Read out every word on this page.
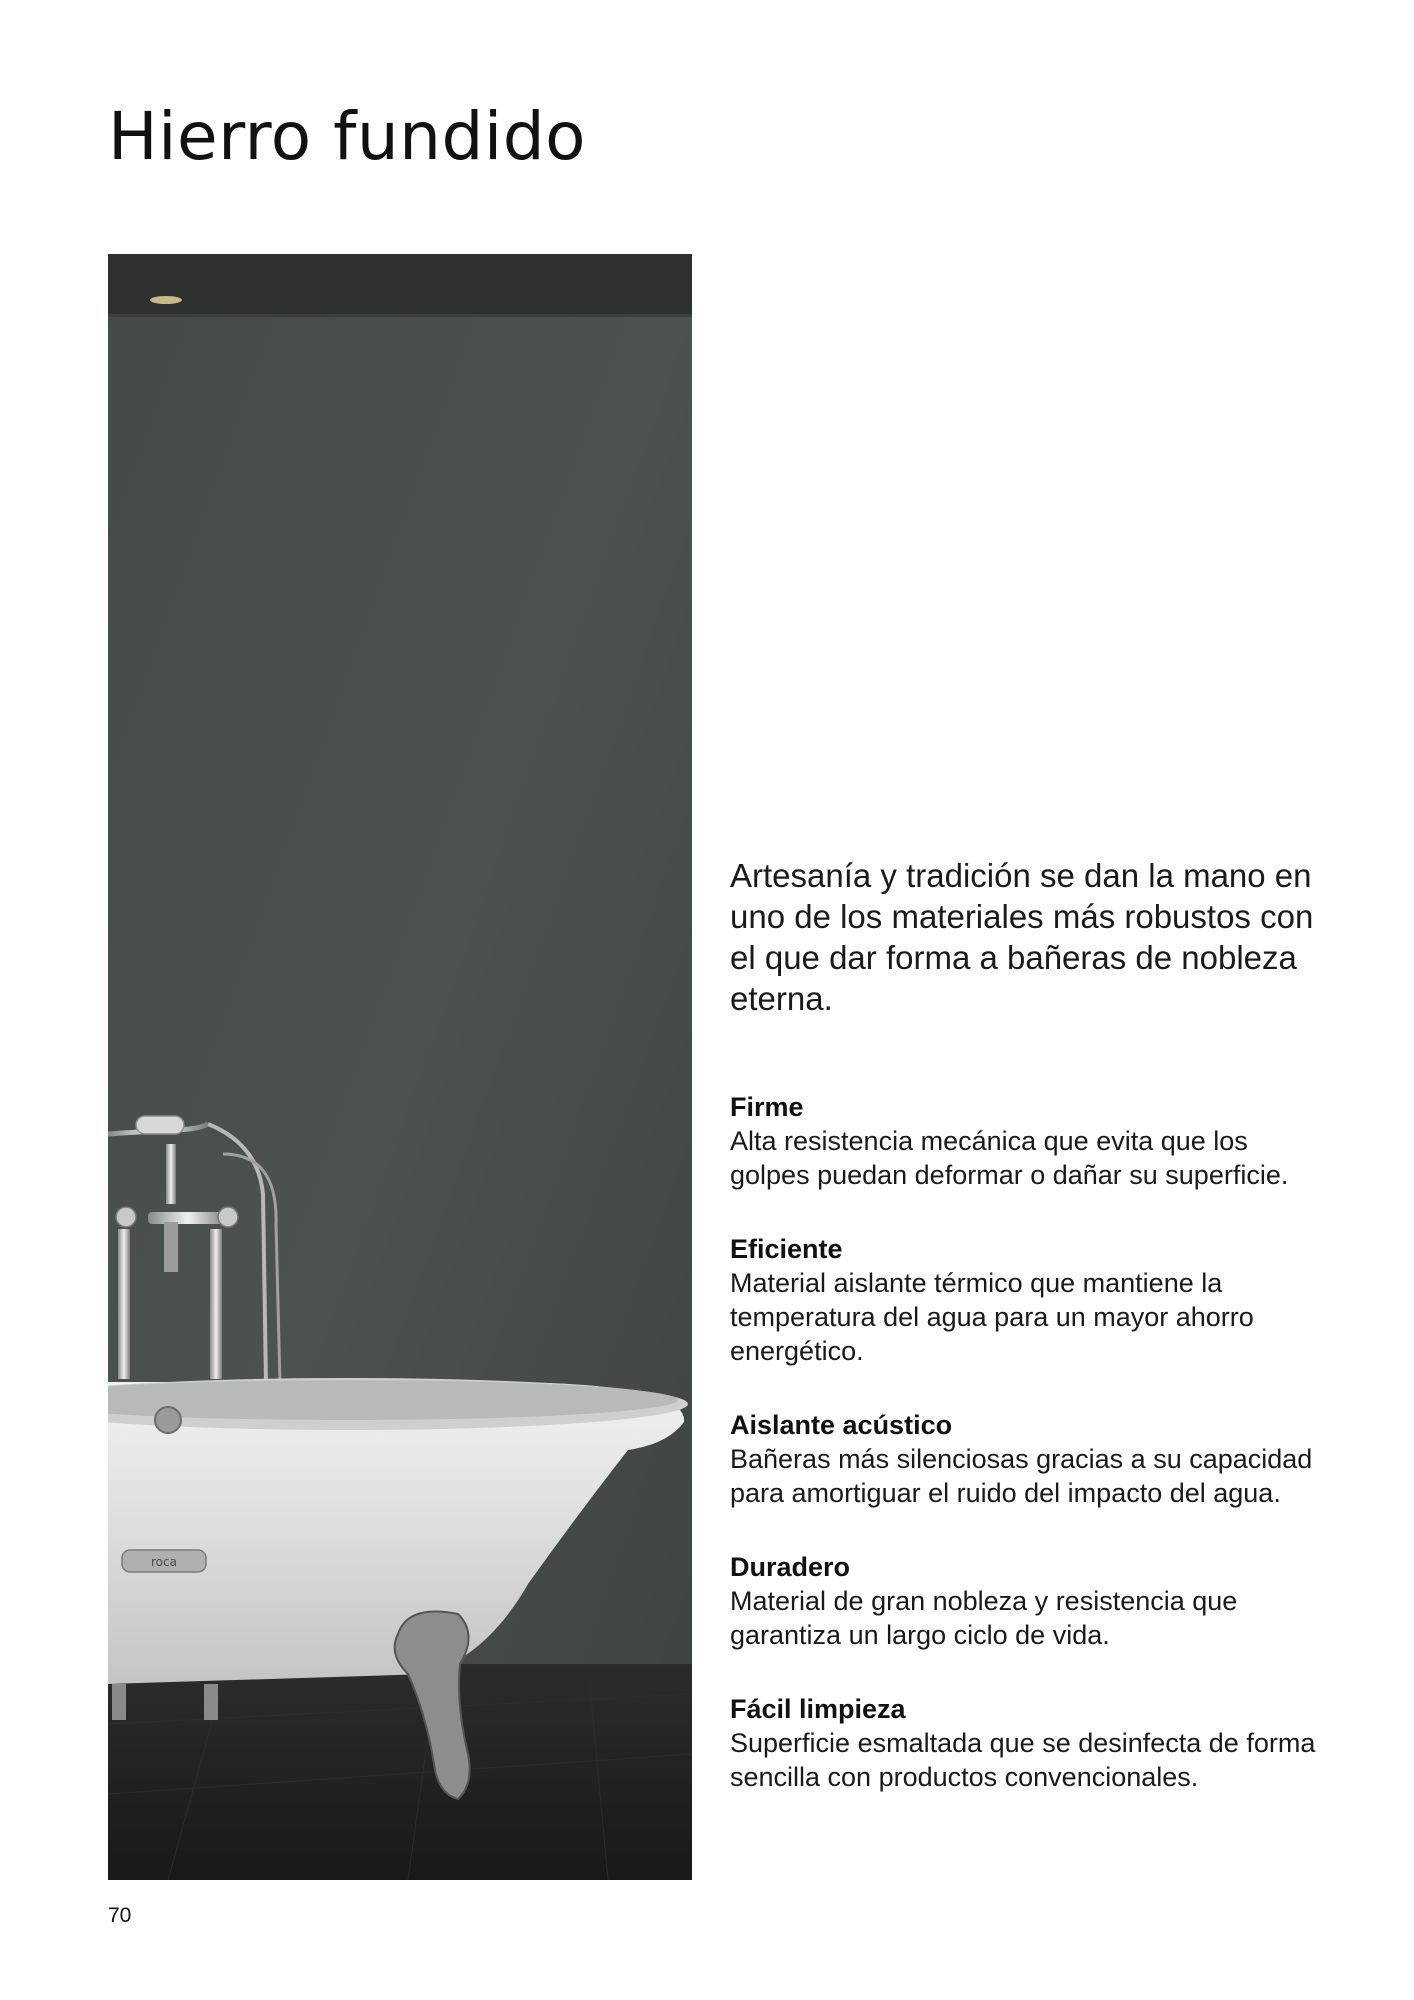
Hierro fundido
roca

Artesanía y tradición se dan la mano en uno de los materiales más robustos con el que dar forma a bañeras de nobleza eterna.

Firme

Alta resistencia mecánica que evita que los golpes puedan deformar o dañar su superficie.

Eficiente

Material aislante térmico que mantiene la temperatura del agua para un mayor ahorro energético.

Aislante acústico

Bañeras más silenciosas gracias a su capacidad para amortiguar el ruido del impacto del agua.

Duradero

Material de gran nobleza y resistencia que garantiza un largo ciclo de vida.

Fácil limpieza

Superficie esmaltada que se desinfecta de forma sencilla con productos convencionales.

70
